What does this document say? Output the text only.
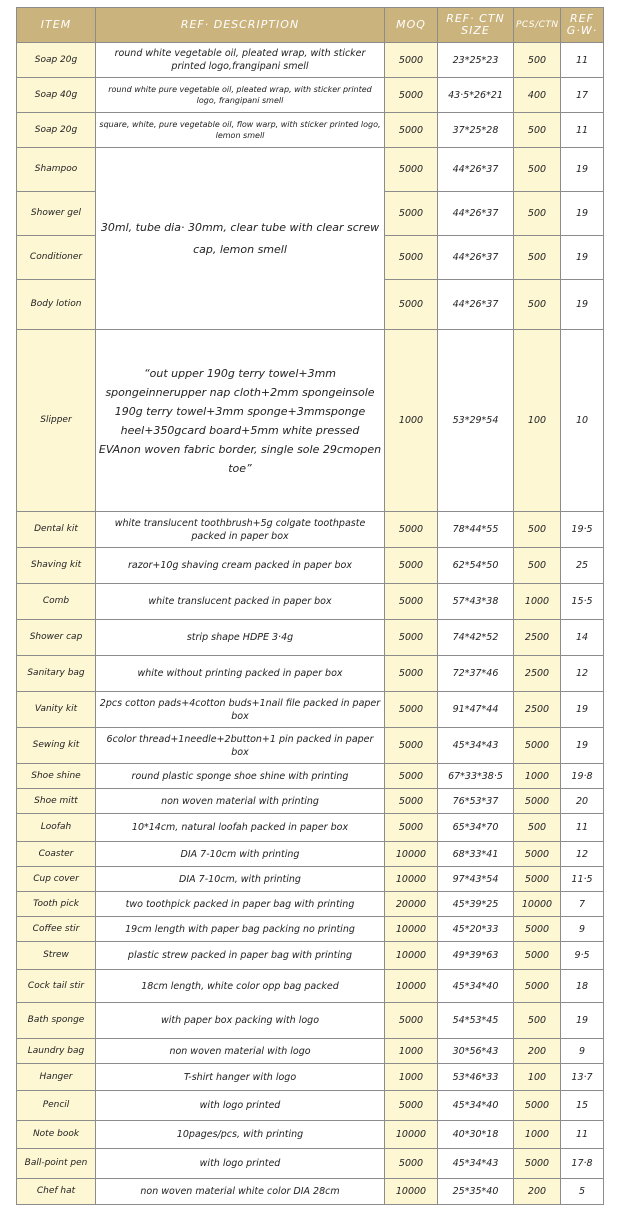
ITEM	REF· DESCRIPTION	MOQ	REF· CTN SIZE	PCS/CTN	REF G·W·
Soap 20g	round white vegetable oil, pleated wrap, with sticker printed logo,frangipani smell	5000	23*25*23	500	11
Soap 40g	round white pure vegetable oil, pleated wrap, with sticker printed logo, frangipani smell	5000	43·5*26*21	400	17
Soap 20g	square, white, pure vegetable oil, flow warp, with sticker printed logo, lemon smell	5000	37*25*28	500	11
Shampoo	30ml, tube dia· 30mm, clear tube with clear screw cap, lemon smell	5000	44*26*37	500	19
Shower gel		5000	44*26*37	500	19
Conditioner		5000	44*26*37	500	19
Body lotion		5000	44*26*37	500	19
Slipper	“out upper 190g terry towel+3mm spongeinnerupper nap cloth+2mm spongeinsole 190g terry towel+3mm sponge+3mmsponge heel+350gcard board+5mm white pressed EVAnon woven fabric border, single sole 29cmopen toe”	1000	53*29*54	100	10
Dental kit	white translucent toothbrush+5g colgate toothpaste packed in paper box	5000	78*44*55	500	19·5
Shaving kit	razor+10g shaving cream packed in paper box	5000	62*54*50	500	25
Comb	white translucent packed in paper box	5000	57*43*38	1000	15·5
Shower cap	strip shape HDPE 3·4g	5000	74*42*52	2500	14
Sanitary bag	white without printing packed in paper box	5000	72*37*46	2500	12
Vanity kit	2pcs cotton pads+4cotton buds+1nail file packed in paper box	5000	91*47*44	2500	19
Sewing kit	6color thread+1needle+2button+1 pin packed in paper box	5000	45*34*43	5000	19
Shoe shine	round plastic sponge shoe shine with printing	5000	67*33*38·5	1000	19·8
Shoe mitt	non woven material with printing	5000	76*53*37	5000	20
Loofah	10*14cm, natural loofah packed in paper box	5000	65*34*70	500	11
Coaster	DIA 7-10cm with printing	10000	68*33*41	5000	12
Cup cover	DIA 7-10cm, with printing	10000	97*43*54	5000	11·5
Tooth pick	two toothpick packed in paper bag with printing	20000	45*39*25	10000	7
Coffee stir	19cm length with paper bag packing no printing	10000	45*20*33	5000	9
Strew	plastic strew packed in paper bag with printing	10000	49*39*63	5000	9·5
Cock tail stir	18cm length, white color opp bag packed	10000	45*34*40	5000	18
Bath sponge	with paper box packing with logo	5000	54*53*45	500	19
Laundry bag	non woven material with logo	1000	30*56*43	200	9
Hanger	T-shirt hanger with logo	1000	53*46*33	100	13·7
Pencil	with logo printed	5000	45*34*40	5000	15
Note book	10pages/pcs, with printing	10000	40*30*18	1000	11
Ball-point pen	with logo printed	5000	45*34*43	5000	17·8
Chef hat	non woven material white color DIA 28cm	10000	25*35*40	200	5
